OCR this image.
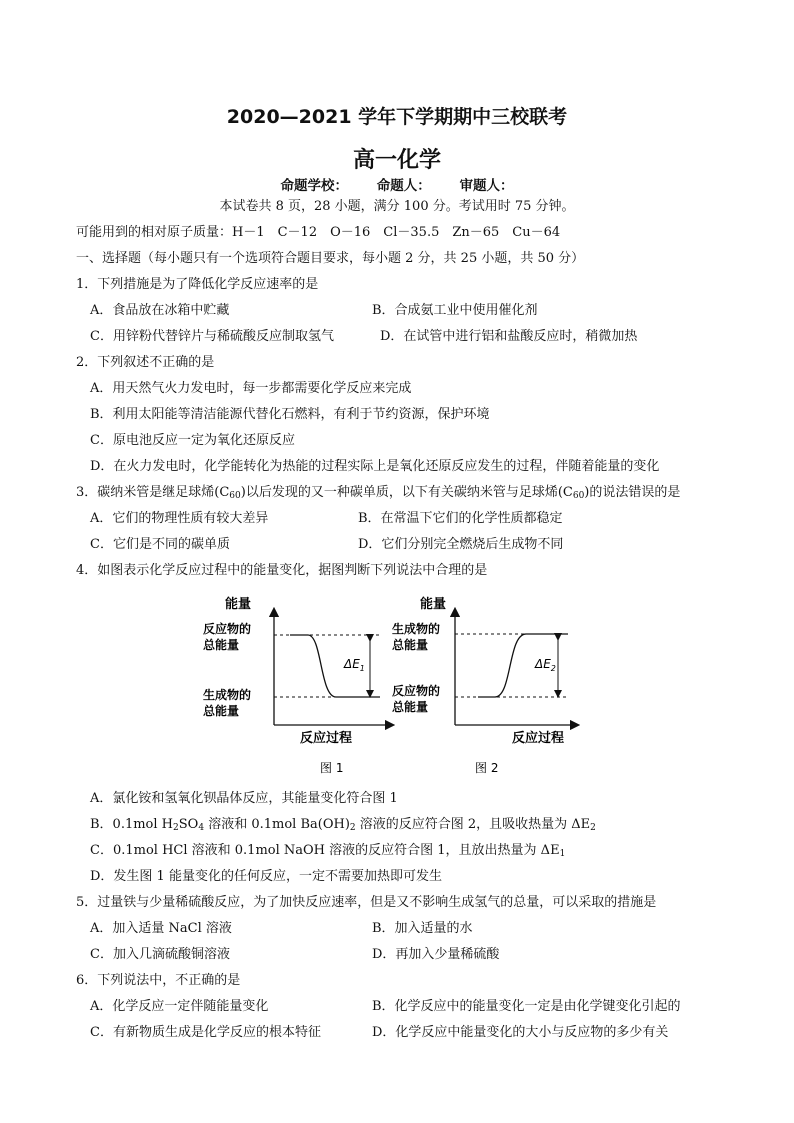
2020—2021 学年下学期期中三校联考
高一化学
命题学校： 命题人： 审题人：
本试卷共 8 页，28 小题，满分 100 分。考试用时 75 分钟。
可能用到的相对原子质量：H－1　C－12　O－16　Cl－35.5　Zn－65　Cu－64
一、选择题（每小题只有一个选项符合题目要求，每小题 2 分，共 25 小题，共 50 分）
1．下列措施是为了降低化学反应速率的是
A．食品放在冰箱中贮藏	B．合成氨工业中使用催化剂
C．用锌粉代替锌片与稀硫酸反应制取氢气	D．在试管中进行铝和盐酸反应时，稍微加热
2．下列叙述不正确的是
A．用天然气火力发电时，每一步都需要化学反应来完成
B．利用太阳能等清洁能源代替化石燃料，有利于节约资源，保护环境
C．原电池反应一定为氧化还原反应
D．在火力发电时，化学能转化为热能的过程实际上是氧化还原反应发生的过程，伴随着能量的变化
3．碳纳米管是继足球烯$(C_{60})$以后发现的又一种碳单质，以下有关碳纳米管与足球烯$(C_{60})$的说法错误的是
A．它们的物理性质有较大差异	B．在常温下它们的化学性质都稳定
C．它们是不同的碳单质	D．它们分别完全燃烧后生成物不同
4．如图表示化学反应过程中的能量变化，据图判断下列说法中合理的是
能量
反应物的
总能量
生成物的
总能量
反应过程
$\Delta E_1$
图 1
能量
生成物的
总能量
反应物的
总能量
反应过程
$\Delta E_2$
图 2
A．氯化铵和氢氧化钡晶体反应，其能量变化符合图 1
B．0.1mol $H_2SO_4$ 溶液和 0.1mol $Ba(OH)_2$ 溶液的反应符合图 2，且吸收热量为 $\Delta E_2$
C．0.1mol HCl 溶液和 0.1mol NaOH 溶液的反应符合图 1，且放出热量为 $\Delta E_1$
D．发生图 1 能量变化的任何反应，一定不需要加热即可发生
5．过量铁与少量稀硫酸反应，为了加快反应速率，但是又不影响生成氢气的总量，可以采取的措施是
A．加入适量 NaCl 溶液	B．加入适量的水
C．加入几滴硫酸铜溶液	D．再加入少量稀硫酸
6．下列说法中，不正确的是
A．化学反应一定伴随能量变化	B．化学反应中的能量变化一定是由化学键变化引起的
C．有新物质生成是化学反应的根本特征	D．化学反应中能量变化的大小与反应物的多少有关
